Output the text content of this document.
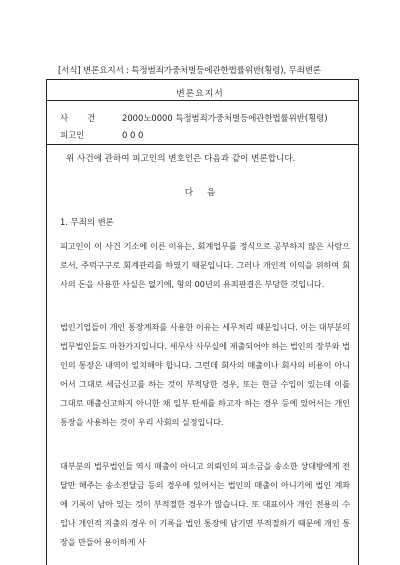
[서식] 변론요지서 : 특정범죄가중처벌등에관한법률위반(횡령), 무죄변론
변론요지서
사건 2000노0000 특정범죄가중처벌등에관한법률위반(횡령)
피고인	0 0 0
위 사건에 관하여 피고인의 변호인은 다음과 같이 변론합니다.
다음
1. 무죄의 변론
피고인이 이 사건 기소에 이른 이유는, 회계업무를 정식으로 공부하지 않은 사람으로서, 주먹구구로 회계관리를 하였기 때문입니다. 그러나 개인적 이익을 위하여 회사의 돈을 사용한 사실은 없기에, 형의 00년의 유죄판결은 부당한 것입니다.
법인기업들이 개인 통장계좌를 사용한 이유는 세무처리 때문입니다. 이는 대부분의 법무법인들도 마찬가지입니다. 세무사 사무실에 제출되어야 하는 법인의 장부와 법인의 통장은 내역이 일치해야 합니다. 그런데 회사의 매출이나 회사의 비용이 아니어서 그대로 세금신고를 하는 것이 부적당한 경우, 또는 현금 수입이 있는데 이를 그대로 매출신고하지 아니한 채 일부 탄세를 하고자 하는 경우 등에 있어서는 개인 통장을 사용하는 것이 우리 사회의 실정입니다.
대부분의 법무법인들 역시 매출이 아니고 의뢰인의 피소금을 송소한 상대방에게 전달만 해주는 송소전달금 등의 경우에 있어서는 법인의 매출이 아니기에 법인 계좌에 기록이 남아 있는 것이 부적절한 경우가 많습니다. 또 대표이사 개인 전용의 수입나 개인적 지출의 경우 이 기록을 법인 통장에 남기면 부적절하기 때문에 개인 통장을 만들어 용이하게 사
